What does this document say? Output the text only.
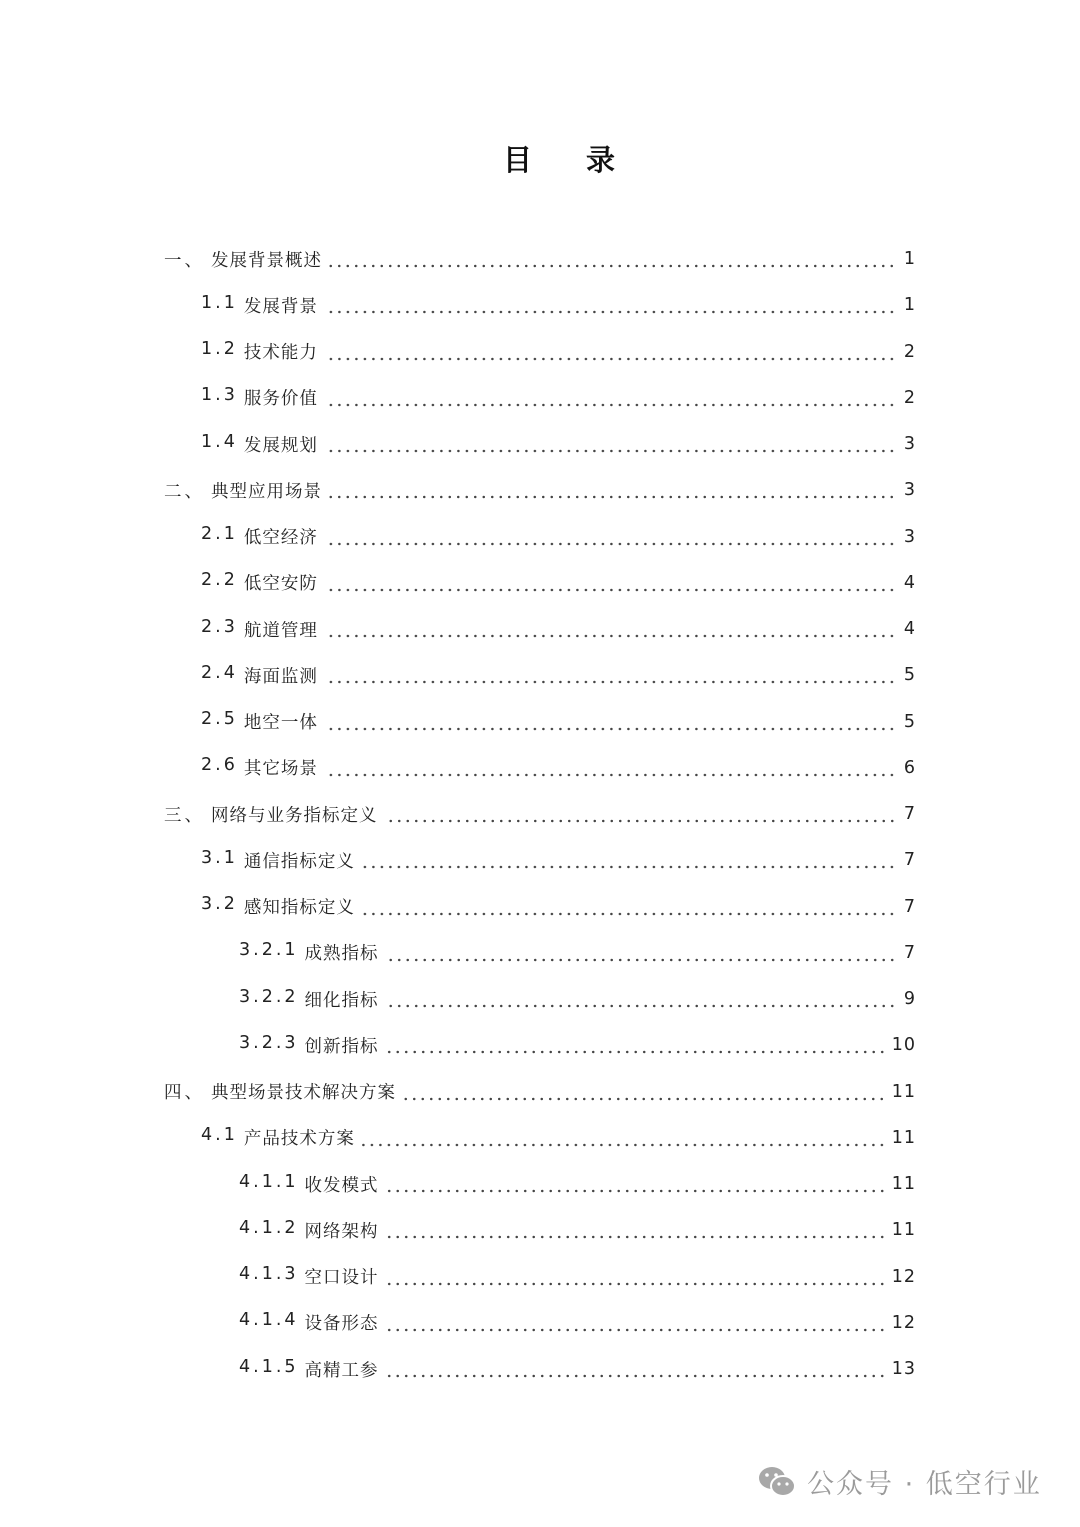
目 录
一、 发展背景概述	1
1.1 发展背景	1
1.2 技术能力	2
1.3 服务价值	2
1.4 发展规划	3
二、 典型应用场景	3
2.1 低空经济	3
2.2 低空安防	4
2.3 航道管理	4
2.4 海面监测	5
2.5 地空一体	5
2.6 其它场景	6
三、 网络与业务指标定义	7
3.1 通信指标定义	7
3.2 感知指标定义	7
3.2.1 成熟指标	7
3.2.2 细化指标	9
3.2.3 创新指标	10
四、 典型场景技术解决方案	11
4.1 产品技术方案	11
4.1.1 收发模式	11
4.1.2 网络架构	11
4.1.3 空口设计	12
4.1.4 设备形态	12
4.1.5 高精工参	13
公众号 · 低空行业
